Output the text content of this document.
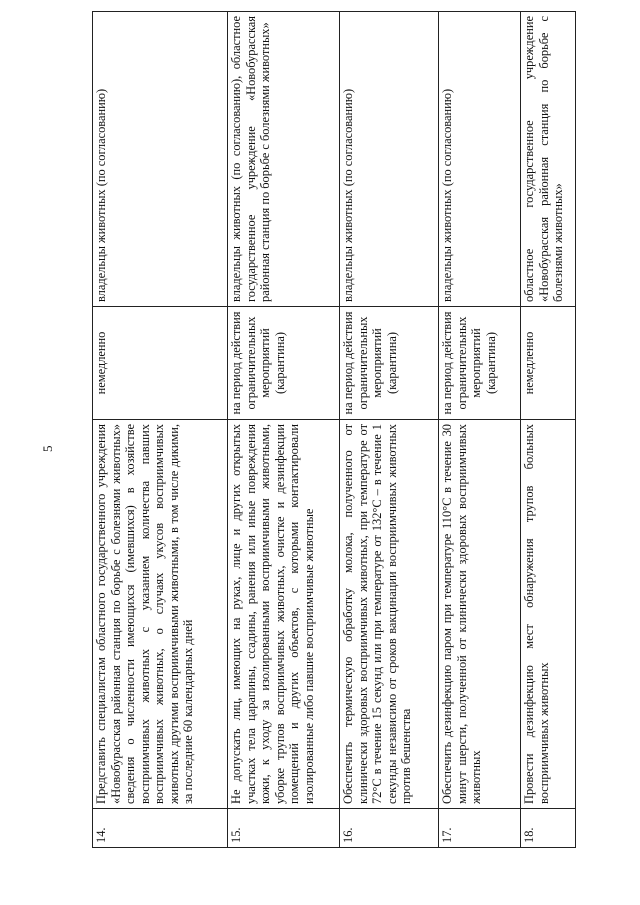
5
14.	Представить специалистам областного государственного учреждения «Новобурасская районная станция по борьбе с болезнями животных» сведения о численности имеющихся (имевшихся) в хозяйстве восприимчивых животных с указанием количества павших восприимчивых животных, о случаях укусов восприимчивых животных другими восприимчивыми животными, в том числе дикими, за последние 60 календарных дней	немедленно	владельцы животных (по согласованию)
15.	Не допускать лиц, имеющих на руках, лице и других открытых участках тела царапины, ссадины, ранения или иные повреждения кожи, к уходу за изолированными восприимчивыми животными, уборке трупов восприимчивых животных, очистке и дезинфекции помещений и других объектов, с которыми контактировали изолированные либо павшие восприимчивые животные	на период действия ограничительных мероприятий (карантина)	владельцы животных (по согласованию), областное государственное учреждение «Новобурасская районная станция по борьбе с болезнями животных»
16.	Обеспечить термическую обработку молока, полученного от клинически здоровых восприимчивых животных, при температуре от 72°С в течение 15 секунд или при температуре от 132°С – в течение 1 секунды независимо от сроков вакцинации восприимчивых животных против бешенства	на период действия ограничительных мероприятий (карантина)	владельцы животных (по согласованию)
17.	Обеспечить дезинфекцию паром при температуре 110°С в течение 30 минут шерсти, полученной от клинически здоровых восприимчивых животных	на период действия ограничительных мероприятий (карантина)	владельцы животных (по согласованию)
18.	Провести дезинфекцию мест обнаружения трупов больных восприимчивых животных	немедленно	областное государственное учреждение «Новобурасская районная станция по борьбе с болезнями животных»
